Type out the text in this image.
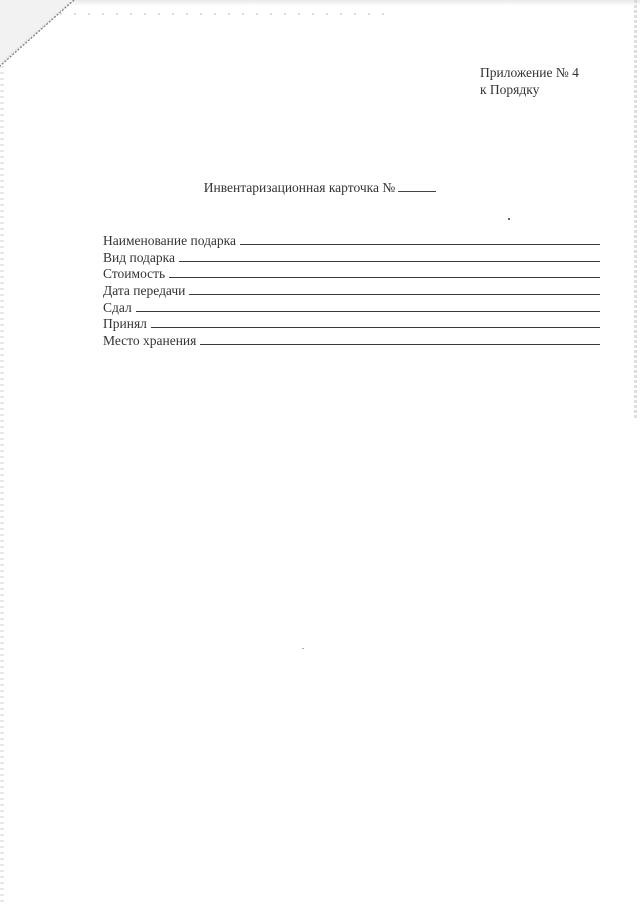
Приложение № 4
к Порядку
Инвентаризационная карточка №
Наименование подарка
Вид подарка
Стоимость
Дата передачи
Сдал
Принял
Место хранения
